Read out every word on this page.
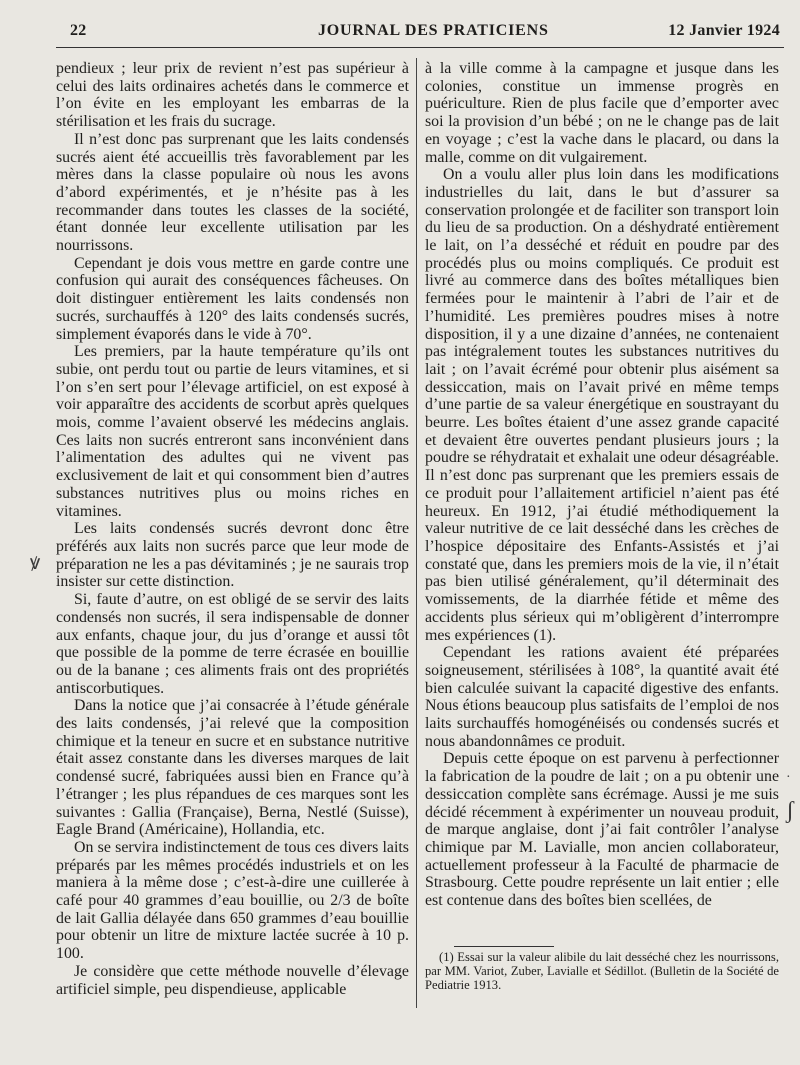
22	JOURNAL DES PRATICIENS	12 Janvier 1924

pendieux ; leur prix de revient n’est pas supérieur à celui des laits ordinaires achetés dans le commerce et l’on évite en les employant les embarras de la stérilisation et les frais du sucrage.

Il n’est donc pas surprenant que les laits condensés sucrés aient été accueillis très favorablement par les mères dans la classe populaire où nous les avons d’abord expérimentés, et je n’hésite pas à les recommander dans toutes les classes de la société, étant donnée leur excellente utilisation par les nourrissons.

Cependant je dois vous mettre en garde contre une confusion qui aurait des conséquences fâcheuses. On doit distinguer entièrement les laits condensés non sucrés, surchauffés à 120° des laits condensés sucrés, simplement évaporés dans le vide à 70°.

Les premiers, par la haute température qu’ils ont subie, ont perdu tout ou partie de leurs vitamines, et si l’on s’en sert pour l’élevage artificiel, on est exposé à voir apparaître des accidents de scorbut après quelques mois, comme l’avaient observé les médecins anglais. Ces laits non sucrés entreront sans inconvénient dans l’alimentation des adultes qui ne vivent pas exclusivement de lait et qui consomment bien d’autres substances nutritives plus ou moins riches en vitamines.

Les laits condensés sucrés devront donc être préférés aux laits non sucrés parce que leur mode de préparation ne les a pas dévitaminés ; je ne saurais trop insister sur cette distinction.

Si, faute d’autre, on est obligé de se servir des laits condensés non sucrés, il sera indispensable de donner aux enfants, chaque jour, du jus d’orange et aussi tôt que possible de la pomme de terre écrasée en bouillie ou de la banane ; ces aliments frais ont des propriétés antiscorbutiques.

Dans la notice que j’ai consacrée à l’étude générale des laits condensés, j’ai relevé que la composition chimique et la teneur en sucre et en substance nutritive était assez constante dans les diverses marques de lait condensé sucré, fabriquées aussi bien en France qu’à l’étranger ; les plus répandues de ces marques sont les suivantes : Gallia (Française), Berna, Nestlé (Suisse), Eagle Brand (Américaine), Hollandia, etc.

On se servira indistinctement de tous ces divers laits préparés par les mêmes procédés industriels et on les maniera à la même dose ; c’est-à-dire une cuillerée à café pour 40 grammes d’eau bouillie, ou 2/3 de boîte de lait Gallia délayée dans 650 grammes d’eau bouillie pour obtenir un litre de mixture lactée sucrée à 10 p. 100.

Je considère que cette méthode nouvelle d’élevage artificiel simple, peu dispendieuse, applicable

à la ville comme à la campagne et jusque dans les colonies, constitue un immense progrès en puériculture. Rien de plus facile que d’emporter avec soi la provision d’un bébé ; on ne le change pas de lait en voyage ; c’est la vache dans le placard, ou dans la malle, comme on dit vulgairement.

On a voulu aller plus loin dans les modifications industrielles du lait, dans le but d’assurer sa conservation prolongée et de faciliter son transport loin du lieu de sa production. On a déshydraté entièrement le lait, on l’a desséché et réduit en poudre par des procédés plus ou moins compliqués. Ce produit est livré au commerce dans des boîtes métalliques bien fermées pour le maintenir à l’abri de l’air et de l’humidité. Les premières poudres mises à notre disposition, il y a une dizaine d’années, ne contenaient pas intégralement toutes les substances nutritives du lait ; on l’avait écrémé pour obtenir plus aisément sa dessiccation, mais on l’avait privé en même temps d’une partie de sa valeur énergétique en soustrayant du beurre. Les boîtes étaient d’une assez grande capacité et devaient être ouvertes pendant plusieurs jours ; la poudre se réhydratait et exhalait une odeur désagréable. Il n’est donc pas surprenant que les premiers essais de ce produit pour l’allaitement artificiel n’aient pas été heureux. En 1912, j’ai étudié méthodiquement la valeur nutritive de ce lait desséché dans les crèches de l’hospice dépositaire des Enfants-Assistés et j’ai constaté que, dans les premiers mois de la vie, il n’était pas bien utilisé généralement, qu’il déterminait des vomissements, de la diarrhée fétide et même des accidents plus sérieux qui m’obligèrent d’interrompre mes expériences (1).

Cependant les rations avaient été préparées soigneusement, stérilisées à 108°, la quantité avait été bien calculée suivant la capacité digestive des enfants. Nous étions beaucoup plus satisfaits de l’emploi de nos laits surchauffés homogénéisés ou condensés sucrés et nous abandonnâmes ce produit.

Depuis cette époque on est parvenu à perfectionner la fabrication de la poudre de lait ; on a pu obtenir une dessiccation complète sans écrémage. Aussi je me suis décidé récemment à expérimenter un nouveau produit, de marque anglaise, dont j’ai fait contrôler l’analyse chimique par M. Lavialle, mon ancien collaborateur, actuellement professeur à la Faculté de pharmacie de Strasbourg. Cette poudre représente un lait entier ; elle est contenue dans des boîtes bien scellées, de

(1) Essai sur la valeur alibile du lait desséché chez les nourrissons, par MM. Variot, Zuber, Lavialle et Sédillot. (Bulletin de la Société de Pediatrie 1913.

ꝟ
·
ʃ
